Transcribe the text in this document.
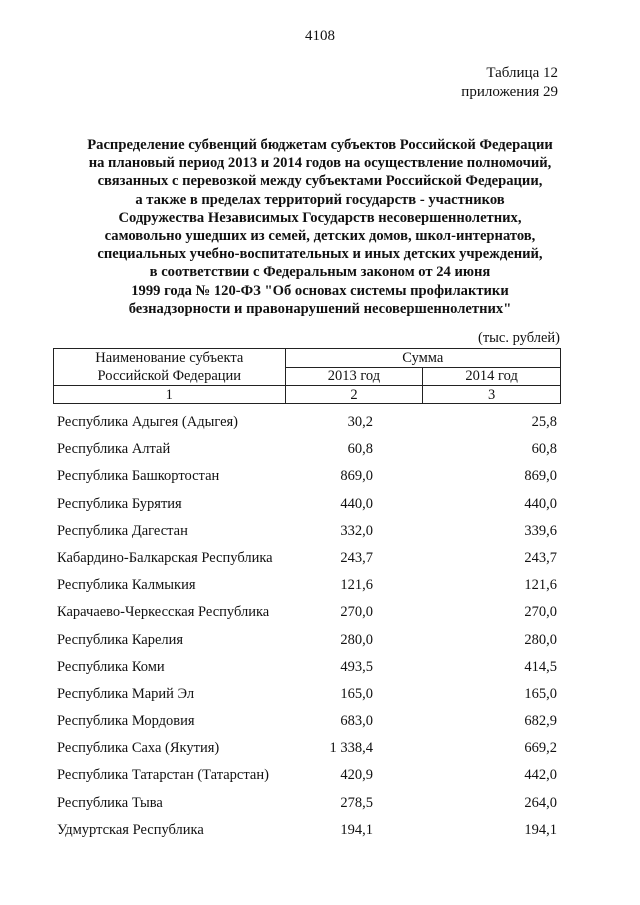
4108
Таблица 12
приложения 29
Распределение субвенций бюджетам субъектов Российской Федерации
на плановый период 2013 и 2014 годов на осуществление полномочий,
связанных с перевозкой между субъектами Российской Федерации,
а также в пределах территорий государств - участников
Содружества Независимых Государств несовершеннолетних,
самовольно ушедших из семей, детских домов, школ-интернатов,
специальных учебно-воспитательных и иных детских учреждений,
в соответствии с Федеральным законом от 24 июня
1999 года № 120-ФЗ "Об основах системы профилактики
безнадзорности и правонарушений несовершеннолетних"
(тыс. рублей)
Наименование субъекта
Российской Федерации	Сумма	
	2013 год	2014 год
1	2	3
Республика Адыгея (Адыгея)	30,2	25,8
Республика Алтай	60,8	60,8
Республика Башкортостан	869,0	869,0
Республика Бурятия	440,0	440,0
Республика Дагестан	332,0	339,6
Кабардино-Балкарская Республика	243,7	243,7
Республика Калмыкия	121,6	121,6
Карачаево-Черкесская Республика	270,0	270,0
Республика Карелия	280,0	280,0
Республика Коми	493,5	414,5
Республика Марий Эл	165,0	165,0
Республика Мордовия	683,0	682,9
Республика Саха (Якутия)	1 338,4	669,2
Республика Татарстан (Татарстан)	420,9	442,0
Республика Тыва	278,5	264,0
Удмуртская Республика	194,1	194,1
